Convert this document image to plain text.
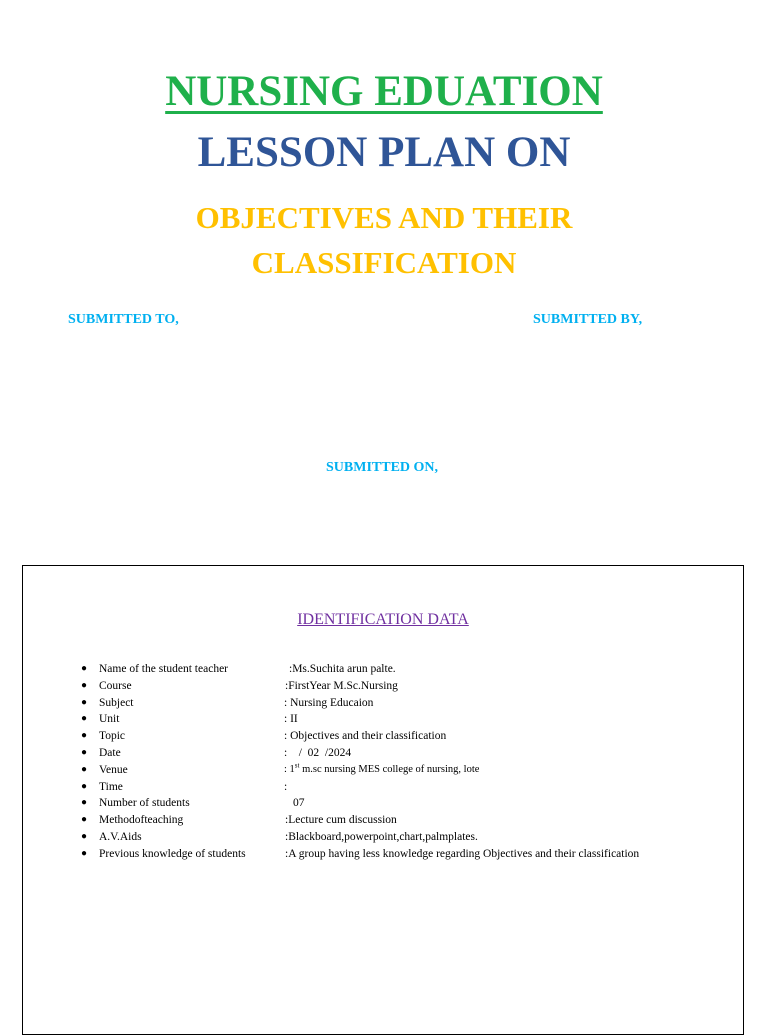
NURSING EDUATION
LESSON PLAN ON
OBJECTIVES AND THEIR
CLASSIFICATION

SUBMITTED TO,	SUBMITTED BY,

SUBMITTED ON,

IDENTIFICATION DATA

● Name of the student teacher	:Ms.Suchita arun palte.
● Course	:FirstYear M.Sc.Nursing
● Subject	: Nursing Educaion
● Unit	: II
● Topic	: Objectives and their classification
● Date	:    /  02  /2024
● Venue	: 1st m.sc nursing MES college of nursing, lote
● Time	:
● Number of students	07
● Methodofteaching	:Lecture cum discussion
● A.V.Aids	:Blackboard,powerpoint,chart,palmplates.
● Previous knowledge of students	:A group having less knowledge regarding Objectives and their classification
